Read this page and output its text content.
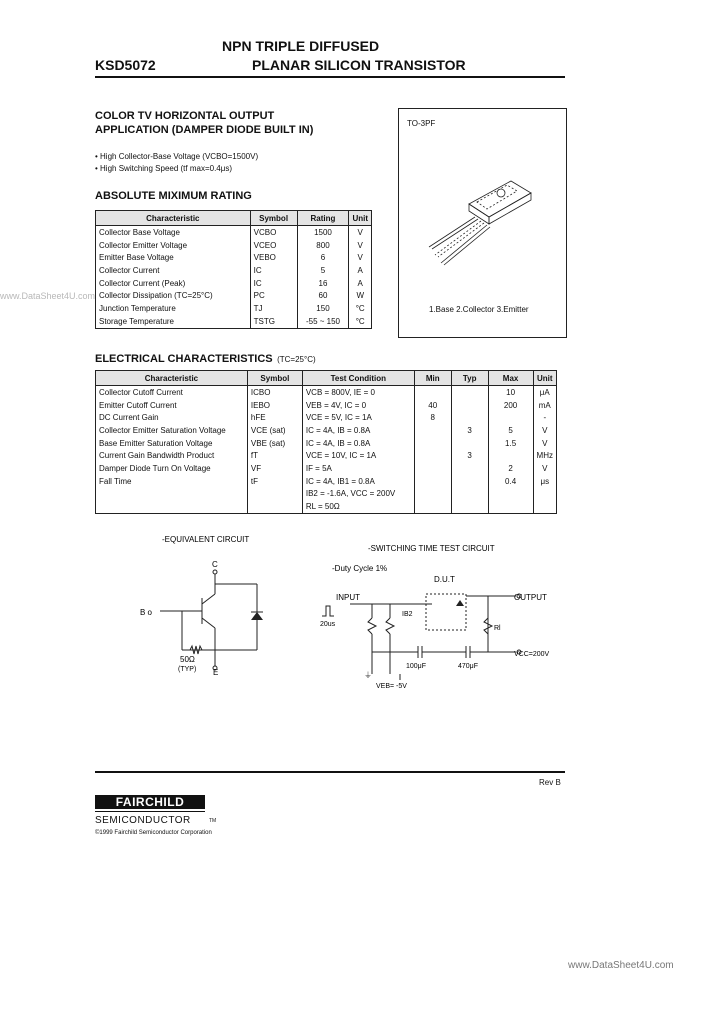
NPN TRIPLE DIFFUSED
KSD5072	PLANAR SILICON TRANSISTOR
COLOR TV HORIZONTAL OUTPUT
APPLICATION (DAMPER DIODE BUILT IN)
• High Collector-Base Voltage (VCBO=1500V)
• High Switching Speed (tf max=0.4μs)
TO-3PF
1.Base 2.Collector 3.Emitter
ABSOLUTE MIXIMUM RATING
Characteristic	Symbol	Rating	Unit
Collector Base Voltage	VCBO	1500	V
Collector Emitter Voltage	VCEO	800	V
Emitter Base Voltage	VEBO	6	V
Collector Current	IC	5	A
Collector Current (Peak)	IC	16	A
Collector Dissipation (TC=25°C)	PC	60	W
Junction Temperature	TJ	150	°C
Storage Temperature	TSTG	-55 ~ 150	°C
ELECTRICAL CHARACTERISTICS (TC=25°C)
Characteristic	Symbol	Test Condition	Min	Typ	Max	Unit
Collector Cutoff Current	ICBO	VCB = 800V, IE = 0			10	μA
Emitter Cutoff Current	IEBO	VEB = 4V, IC = 0	40		200	mA
DC Current Gain	hFE	VCE = 5V, IC = 1A	8			-
Collector Emitter Saturation Voltage	VCE (sat)	IC = 4A, IB = 0.8A		3	5	V
Base Emitter Saturation Voltage	VBE (sat)	IC = 4A, IB = 0.8A			1.5	V
Current Gain Bandwidth Product	fT	VCE = 10V, IC = 1A		3		MHz
Damper Diode Turn On Voltage	VF	IF = 5A			2	V
Fall Time	tF	IC = 4A, IB1 = 0.8A			0.4	μs
		IB2 = -1.6A, VCC = 200V				
		RL = 50Ω				
-EQUIVALENT CIRCUIT
C
B o
E
50Ω
(TYP)
-SWITCHING TIME TEST CIRCUIT
-Duty Cycle 1%
D.U.T
INPUT	OUTPUT
20us
IB2
Rl
100μF	470μF
VCC=200V
VEB= -5V
⏚
Rev B
FAIRCHILD
SEMICONDUCTOR	TM
©1999 Fairchild Semiconductor Corporation
www.DataSheet4U.com
www.DataSheet4U.com
